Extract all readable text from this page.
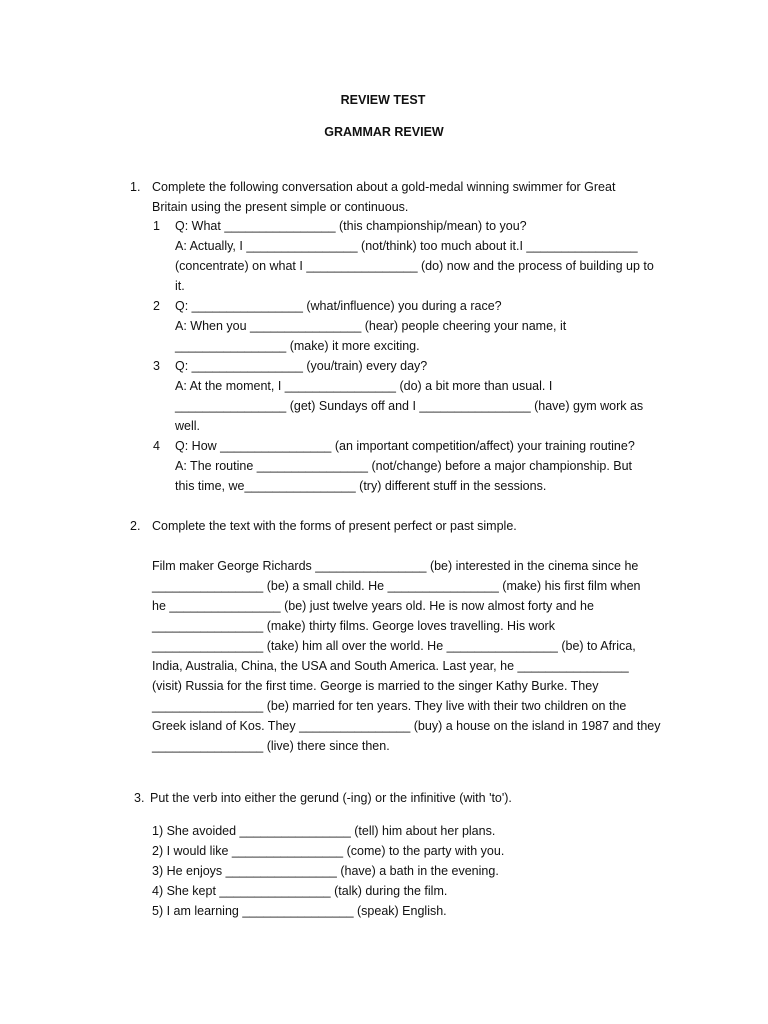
REVIEW TEST
GRAMMAR REVIEW
1. Complete the following conversation about a gold-medal winning swimmer for Great
Britain using the present simple or continuous.
1 Q: What ________________ (this championship/mean) to you?
A: Actually, I ________________ (not/think) too much about it.I ________________
(concentrate) on what I ________________ (do) now and the process of building up to
it.
2 Q: ________________ (what/influence) you during a race?
A: When you ________________ (hear) people cheering your name, it
________________ (make) it more exciting.
3 Q: ________________ (you/train) every day?
A: At the moment, I ________________ (do) a bit more than usual. I
________________ (get) Sundays off and I ________________ (have) gym work as
well.
4 Q: How ________________ (an important competition/affect) your training routine?
A: The routine ________________ (not/change) before a major championship. But
this time, we________________ (try) different stuff in the sessions.
2. Complete the text with the forms of present perfect or past simple.
Film maker George Richards ________________ (be) interested in the cinema since he
________________ (be) a small child. He ________________ (make) his first film when
he ________________ (be) just twelve years old. He is now almost forty and he
________________ (make) thirty films. George loves travelling. His work
________________ (take) him all over the world. He ________________ (be) to Africa,
India, Australia, China, the USA and South America. Last year, he ________________
(visit) Russia for the first time. George is married to the singer Kathy Burke. They
________________ (be) married for ten years. They live with their two children on the
Greek island of Kos. They ________________ (buy) a house on the island in 1987 and they
________________ (live) there since then.
3. Put the verb into either the gerund (-ing) or the infinitive (with 'to').
1) She avoided ________________ (tell) him about her plans.
2) I would like ________________ (come) to the party with you.
3) He enjoys ________________ (have) a bath in the evening.
4) She kept ________________ (talk) during the film.
5) I am learning ________________ (speak) English.
